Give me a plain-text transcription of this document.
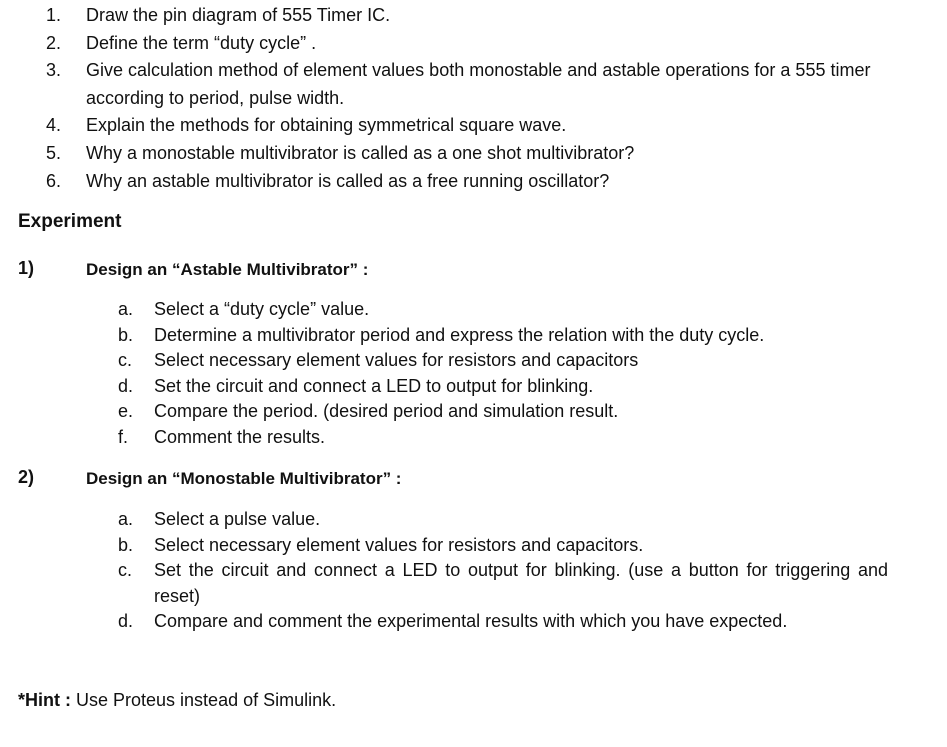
1.	Draw the pin diagram of 555 Timer IC.
2.	Define the term “duty cycle” .
3.	Give calculation method of element values both monostable and astable operations for a 555 timer according to period, pulse width.
4.	Explain the methods for obtaining symmetrical square wave.
5.	Why a monostable multivibrator is called as a one shot multivibrator?
6.	Why an astable multivibrator is called as a free running oscillator?
Experiment
1)	Design an “Astable Multivibrator” :
a.	Select a “duty cycle” value.
b.	Determine a multivibrator period and express the relation with the duty cycle.
c.	Select necessary element values for resistors and capacitors
d.	Set the circuit and connect a LED to output for blinking.
e.	Compare the period. (desired period and simulation result.
f.	Comment the results.
2)	Design an “Monostable Multivibrator” :
a.	Select a pulse value.
b.	Select necessary element values for resistors and capacitors.
c.	Set the circuit and connect a LED to output for blinking. (use a button for triggering and reset)
d.	Compare and comment the experimental results with which you have expected.
*Hint : Use Proteus instead of Simulink.
